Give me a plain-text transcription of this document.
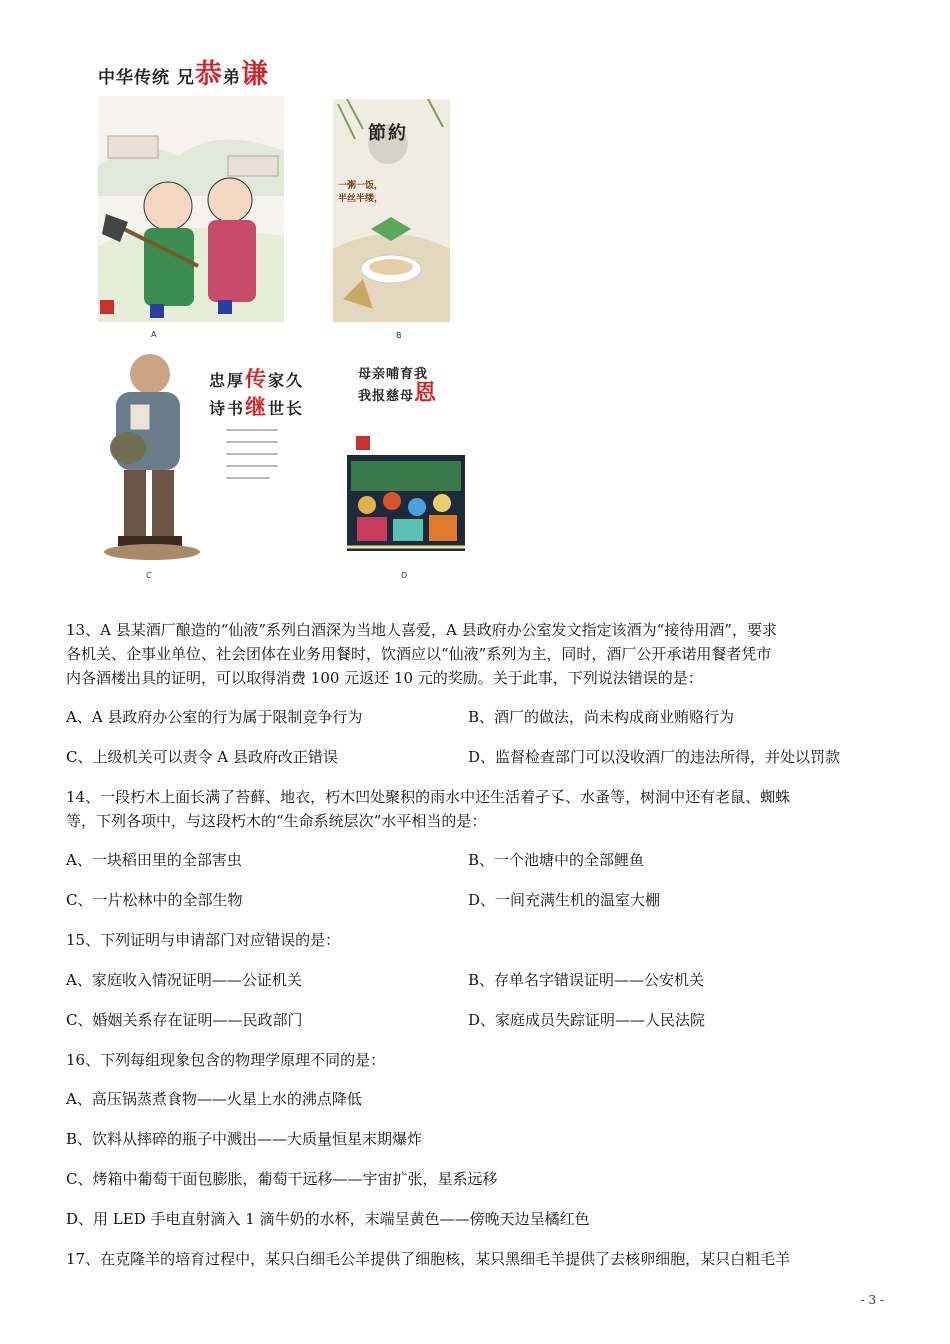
中华传统 兄恭弟谦
A
節約
一粥一饭，
半丝半缕，
B
忠厚传家久
诗书继世长
C
母亲哺育我
我报慈母恩
D
13、A 县某酒厂酿造的“仙液”系列白酒深为当地人喜爱，A 县政府办公室发文指定该酒为“接待用酒”，要求
各机关、企事业单位、社会团体在业务用餐时，饮酒应以“仙液”系列为主，同时，酒厂公开承诺用餐者凭市
内各酒楼出具的证明，可以取得消费 100 元返还 10 元的奖励。关于此事，下列说法错误的是：
A、A 县政府办公室的行为属于限制竞争行为	B、酒厂的做法，尚未构成商业贿赂行为
C、上级机关可以责令 A 县政府改正错误	D、监督检查部门可以没收酒厂的违法所得，并处以罚款
14、一段朽木上面长满了苔藓、地衣，朽木凹处聚积的雨水中还生活着孑孓、水蚤等，树洞中还有老鼠、蜘蛛
等，下列各项中，与这段朽木的“生命系统层次”水平相当的是：
A、一块稻田里的全部害虫	B、一个池塘中的全部鲤鱼
C、一片松林中的全部生物	D、一间充满生机的温室大棚
15、下列证明与申请部门对应错误的是：
A、家庭收入情况证明——公证机关	B、存单名字错误证明——公安机关
C、婚姻关系存在证明——民政部门	D、家庭成员失踪证明——人民法院
16、下列每组现象包含的物理学原理不同的是：
A、高压锅蒸煮食物——火星上水的沸点降低
B、饮料从摔碎的瓶子中溅出——大质量恒星末期爆炸
C、烤箱中葡萄干面包膨胀，葡萄干远移——宇宙扩张，星系远移
D、用 LED 手电直射滴入 1 滴牛奶的水杯，末端呈黄色——傍晚天边呈橘红色
17、在克隆羊的培育过程中，某只白细毛公羊提供了细胞核，某只黑细毛羊提供了去核卵细胞，某只白粗毛羊
- 3 -
